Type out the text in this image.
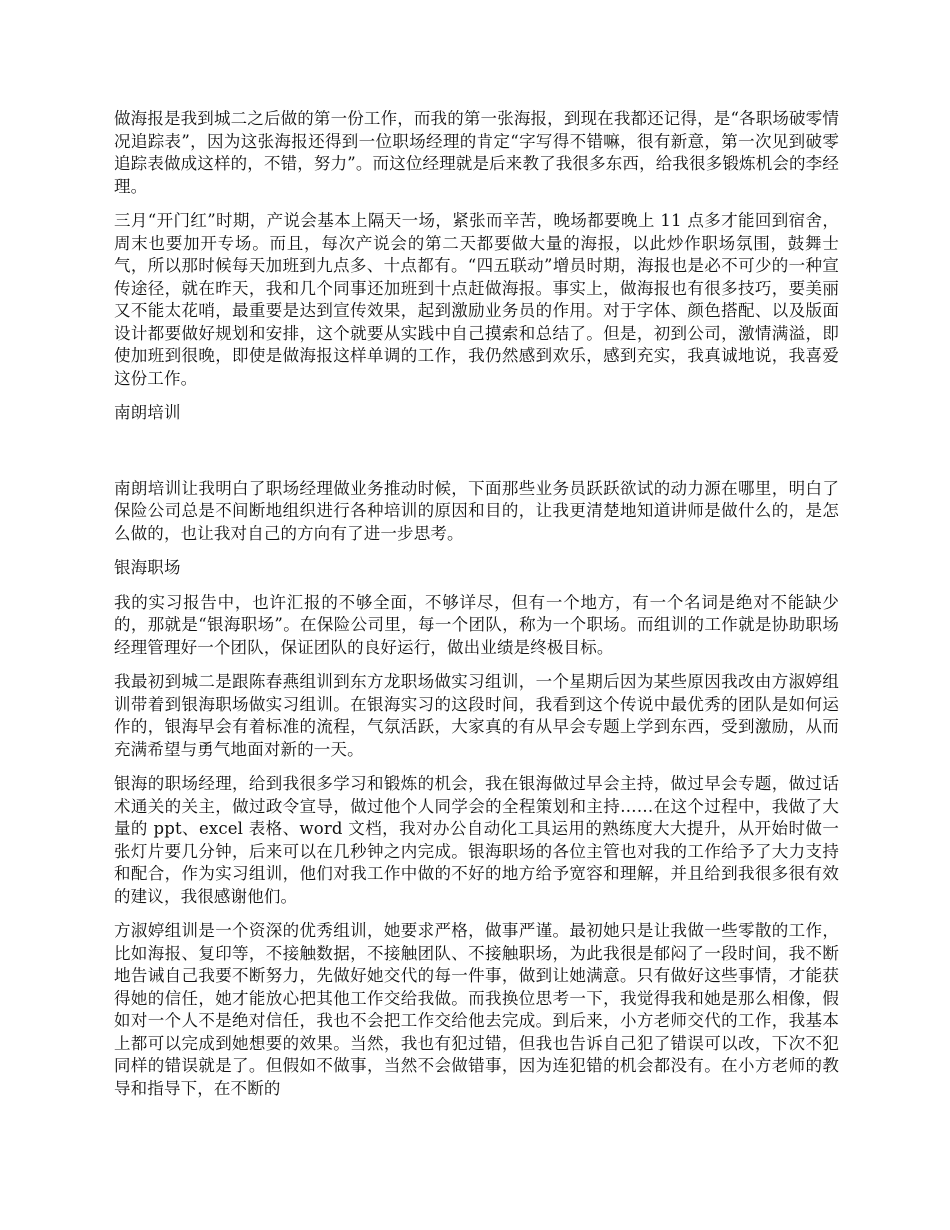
做海报是我到城二之后做的第一份工作，而我的第一张海报，到现在我都还记得，是“各职场破零情况追踪表”，因为这张海报还得到一位职场经理的肯定“字写得不错嘛，很有新意，第一次见到破零追踪表做成这样的，不错，努力”。而这位经理就是后来教了我很多东西，给我很多锻炼机会的李经理。

三月“开门红”时期，产说会基本上隔天一场，紧张而辛苦，晚场都要晚上 11 点多才能回到宿舍，周末也要加开专场。而且，每次产说会的第二天都要做大量的海报，以此炒作职场氛围，鼓舞士气，所以那时候每天加班到九点多、十点都有。“四五联动”增员时期，海报也是必不可少的一种宣传途径，就在昨天，我和几个同事还加班到十点赶做海报。事实上，做海报也有很多技巧，要美丽又不能太花哨，最重要是达到宣传效果，起到激励业务员的作用。对于字体、颜色搭配、以及版面设计都要做好规划和安排，这个就要从实践中自己摸索和总结了。但是，初到公司，激情满溢，即使加班到很晚，即使是做海报这样单调的工作，我仍然感到欢乐，感到充实，我真诚地说，我喜爱这份工作。

南朗培训

南朗培训让我明白了职场经理做业务推动时候，下面那些业务员跃跃欲试的动力源在哪里，明白了保险公司总是不间断地组织进行各种培训的原因和目的，让我更清楚地知道讲师是做什么的，是怎么做的，也让我对自己的方向有了进一步思考。

银海职场

我的实习报告中，也许汇报的不够全面，不够详尽，但有一个地方，有一个名词是绝对不能缺少的，那就是“银海职场”。在保险公司里，每一个团队，称为一个职场。而组训的工作就是协助职场经理管理好一个团队，保证团队的良好运行，做出业绩是终极目标。

我最初到城二是跟陈春燕组训到东方龙职场做实习组训，一个星期后因为某些原因我改由方淑婷组训带着到银海职场做实习组训。在银海实习的这段时间，我看到这个传说中最优秀的团队是如何运作的，银海早会有着标准的流程，气氛活跃，大家真的有从早会专题上学到东西，受到激励，从而充满希望与勇气地面对新的一天。

银海的职场经理，给到我很多学习和锻炼的机会，我在银海做过早会主持，做过早会专题，做过话术通关的关主，做过政令宣导，做过他个人同学会的全程策划和主持……在这个过程中，我做了大量的 ppt、excel 表格、word 文档，我对办公自动化工具运用的熟练度大大提升，从开始时做一张灯片要几分钟，后来可以在几秒钟之内完成。银海职场的各位主管也对我的工作给予了大力支持和配合，作为实习组训，他们对我工作中做的不好的地方给予宽容和理解，并且给到我很多很有效的建议，我很感谢他们。

方淑婷组训是一个资深的优秀组训，她要求严格，做事严谨。最初她只是让我做一些零散的工作，比如海报、复印等，不接触数据，不接触团队、不接触职场，为此我很是郁闷了一段时间，我不断地告诫自己我要不断努力，先做好她交代的每一件事，做到让她满意。只有做好这些事情，才能获得她的信任，她才能放心把其他工作交给我做。而我换位思考一下，我觉得我和她是那么相像，假如对一个人不是绝对信任，我也不会把工作交给他去完成。到后来，小方老师交代的工作，我基本上都可以完成到她想要的效果。当然，我也有犯过错，但我也告诉自己犯了错误可以改，下次不犯同样的错误就是了。但假如不做事，当然不会做错事，因为连犯错的机会都没有。在小方老师的教导和指导下，在不断的
